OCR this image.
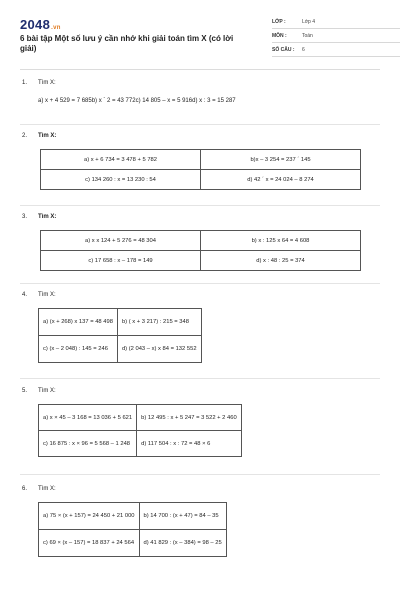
2048.vn
6 bài tập Một số lưu ý cần nhớ khi giải toán tìm X (có lời giải)
LỚP :	Lớp 4
MÔN :	Toán
SỐ CÂU : 6
1. Tìm X:
a) x + 4 529 = 7 685b) x ´ 2 = 43 772c) 14 805 – x = 5 916d) x : 3 = 15 287
2. Tìm X:
a) x + 6 734 = 3 478 + 5 782	b)x – 3 254 = 237 ´ 145
c) 134 260 : x = 13 230 : 54	d) 42 ´ x = 24 024 – 8 274
3. Tìm X:
a) x x 124 + 5 276 = 48 304	b) x : 125 x 64 = 4 608
c) 17 658 : x – 178 = 149	d) x : 48 : 25 = 374
4. Tìm X:
a) (x + 268) x 137 = 48 498	b) ( x + 3 217) : 215 = 348
c) (x – 2 048) : 145 = 246	d) (2 043 – x) x 84 = 132 552
5. Tìm X:
a) x × 45 – 3 168 = 13 036 + 5 621	b) 12 495 : x + 5 247 = 3 522 + 2 460
c) 16 875 : x × 96 = 5 568 – 1 248	d) 117 504 : x : 72 = 48 × 6
6. Tìm X:
a) 75 × (x + 157) = 24 450 + 21 000	b) 14 700 : (x + 47) = 84 – 35
c) 69 × (x – 157) = 18 837 + 24 564	d) 41 829 : (x – 384) = 98 – 25
